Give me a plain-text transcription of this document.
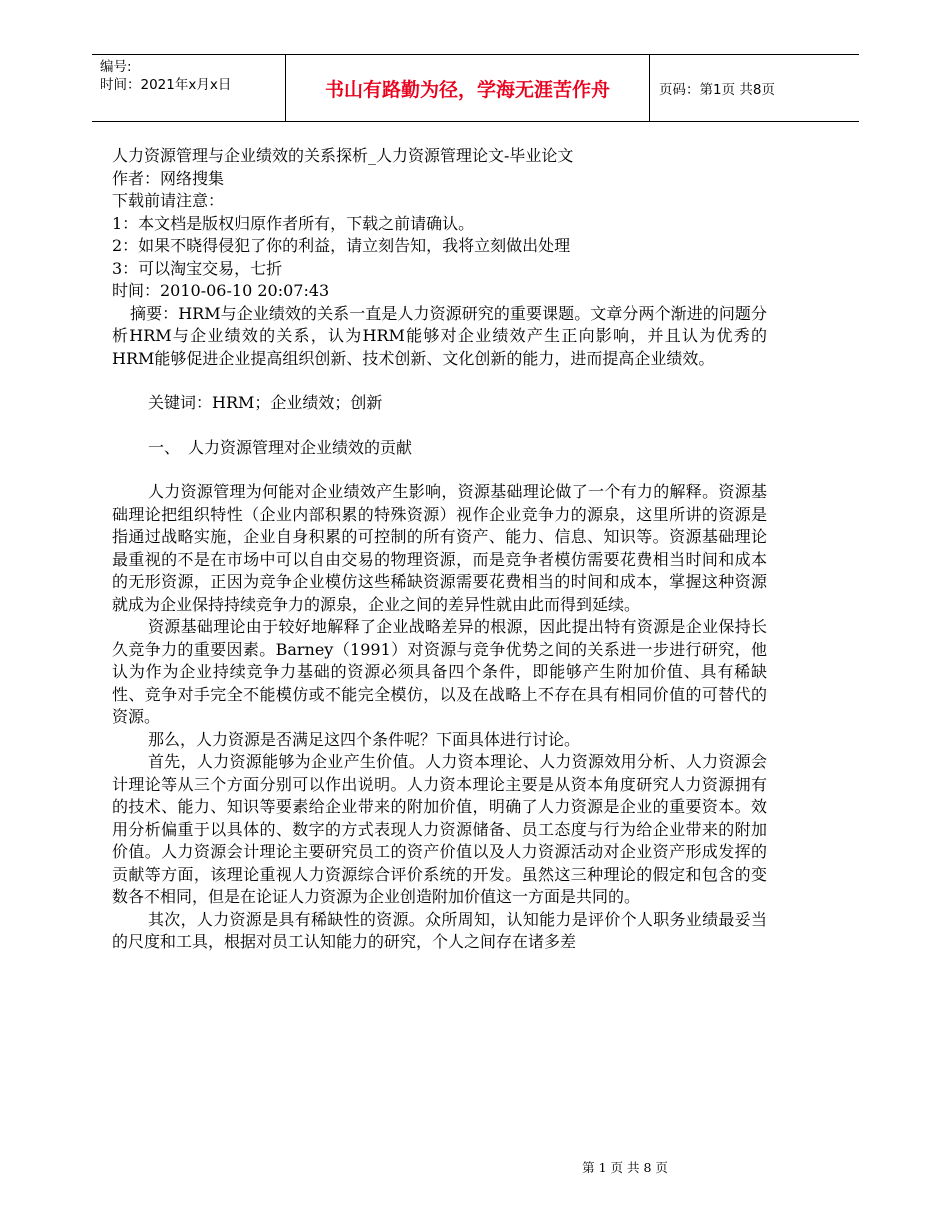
编号:
时间：2021年x月x日	书山有路勤为径，学海无涯苦作舟	页码：第1页 共8页

人力资源管理与企业绩效的关系探析_人力资源管理论文-毕业论文

作者：网络搜集

下载前请注意：

1：本文档是版权归原作者所有，下载之前请确认。

2：如果不晓得侵犯了你的利益，请立刻告知，我将立刻做出处理

3：可以淘宝交易，七折

时间：2010-06-10 20:07:43

摘要：HRM与企业绩效的关系一直是人力资源研究的重要课题。文章分两个渐进的问题分析HRM与企业绩效的关系，认为HRM能够对企业绩效产生正向影响，并且认为优秀的HRM能够促进企业提高组织创新、技术创新、文化创新的能力，进而提高企业绩效。

关键词：HRM；企业绩效；创新

一、　人力资源管理对企业绩效的贡献

人力资源管理为何能对企业绩效产生影响，资源基础理论做了一个有力的解释。资源基础理论把组织特性（企业内部积累的特殊资源）视作企业竞争力的源泉，这里所讲的资源是指通过战略实施，企业自身积累的可控制的所有资产、能力、信息、知识等。资源基础理论最重视的不是在市场中可以自由交易的物理资源，而是竞争者模仿需要花费相当时间和成本的无形资源，正因为竞争企业模仿这些稀缺资源需要花费相当的时间和成本，掌握这种资源就成为企业保持持续竞争力的源泉，企业之间的差异性就由此而得到延续。

资源基础理论由于较好地解释了企业战略差异的根源，因此提出特有资源是企业保持长久竞争力的重要因素。Barney（1991）对资源与竞争优势之间的关系进一步进行研究，他认为作为企业持续竞争力基础的资源必须具备四个条件，即能够产生附加价值、具有稀缺性、竞争对手完全不能模仿或不能完全模仿，以及在战略上不存在具有相同价值的可替代的资源。

那么，人力资源是否满足这四个条件呢？下面具体进行讨论。

首先，人力资源能够为企业产生价值。人力资本理论、人力资源效用分析、人力资源会计理论等从三个方面分别可以作出说明。人力资本理论主要是从资本角度研究人力资源拥有的技术、能力、知识等要素给企业带来的附加价值，明确了人力资源是企业的重要资本。效用分析偏重于以具体的、数字的方式表现人力资源储备、员工态度与行为给企业带来的附加价值。人力资源会计理论主要研究员工的资产价值以及人力资源活动对企业资产形成发挥的贡献等方面，该理论重视人力资源综合评价系统的开发。虽然这三种理论的假定和包含的变数各不相同，但是在论证人力资源为企业创造附加价值这一方面是共同的。

其次，人力资源是具有稀缺性的资源。众所周知，认知能力是评价个人职务业绩最妥当的尺度和工具，根据对员工认知能力的研究，个人之间存在诸多差

第 1 页 共 8 页
